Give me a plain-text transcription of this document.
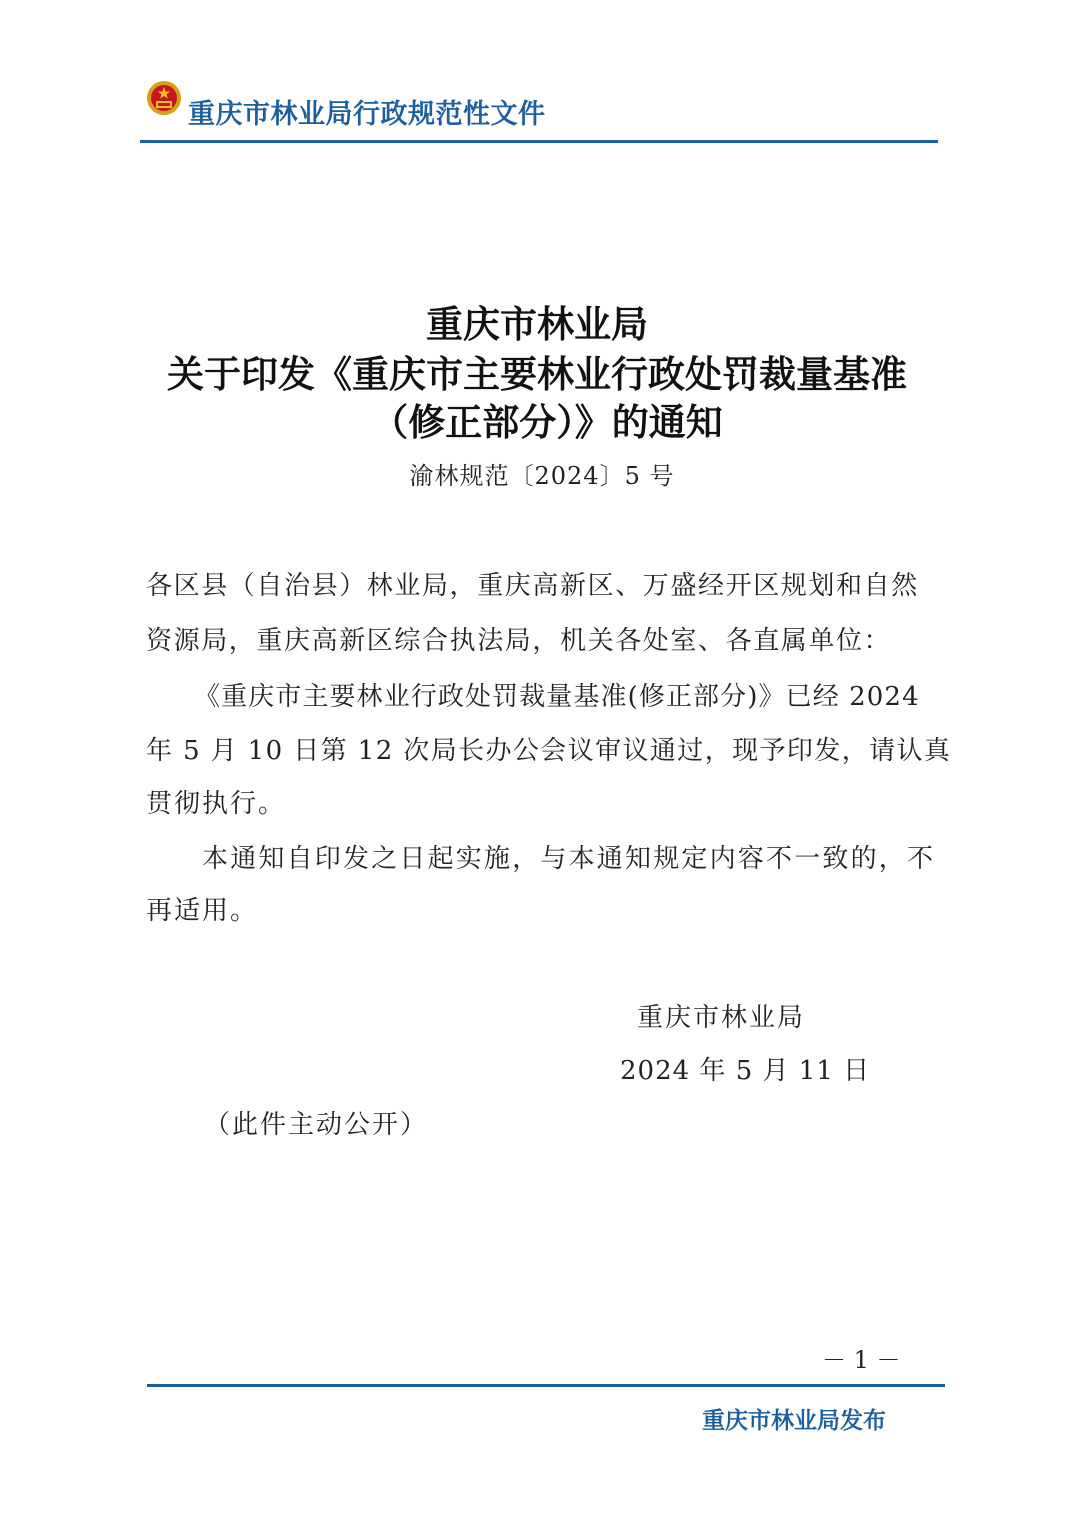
重庆市林业局行政规范性文件
重庆市林业局
关于印发《重庆市主要林业行政处罚裁量基准
（修正部分）》的通知
渝林规范〔2024〕5 号
各区县（自治县）林业局，重庆高新区、万盛经开区规划和自然
资源局，重庆高新区综合执法局，机关各处室、各直属单位：
《重庆市主要林业行政处罚裁量基准(修正部分)》已经 2024
年 5 月 10 日第 12 次局长办公会议审议通过，现予印发，请认真
贯彻执行。
本通知自印发之日起实施，与本通知规定内容不一致的，不
再适用。
重庆市林业局
2024 年 5 月 11 日
（此件主动公开）
－ 1 －
重庆市林业局发布
